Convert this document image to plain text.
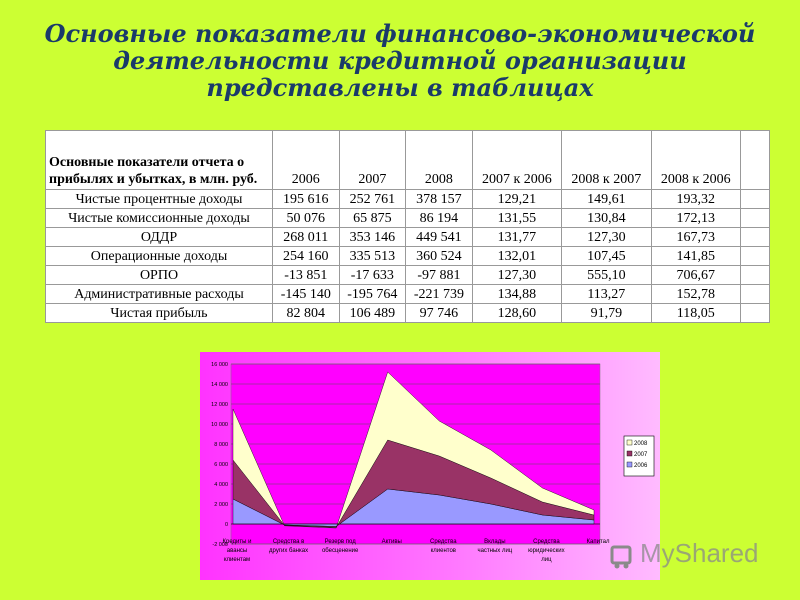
Основные показатели финансово-экономической
деятельности кредитной организации
представлены в таблицах
Основные показатели отчета о прибылях и убытках, в млн. руб.	2006	2007	2008	2007 к 2006	2008 к 2007	2008 к 2006	
Чистые процентные доходы	195 616	252 761	378 157	129,21	149,61	193,32	
Чистые комиссионные доходы	50 076	65 875	86 194	131,55	130,84	172,13	
ОДДР	268 011	353 146	449 541	131,77	127,30	167,73	
Операционные доходы	254 160	335 513	360 524	132,01	107,45	141,85	
ОРПО	-13 851	-17 633	-97 881	127,30	555,10	706,67	
Административные расходы	-145 140	-195 764	-221 739	134,88	113,27	152,78	
Чистая прибыль	82 804	106 489	97 746	128,60	91,79	118,05	
-2 000
0
2 000
4 000
6 000
8 000
10 000
12 000
14 000
16 000
Кредиты и
авансы
клиентам
Средства в
других банках
Резерв под
обесценение
Активы	Средства
клиентов
Вклады
частных лиц
Средства
юридических
лиц
Капитал
2008
2007
2006
MyShared
